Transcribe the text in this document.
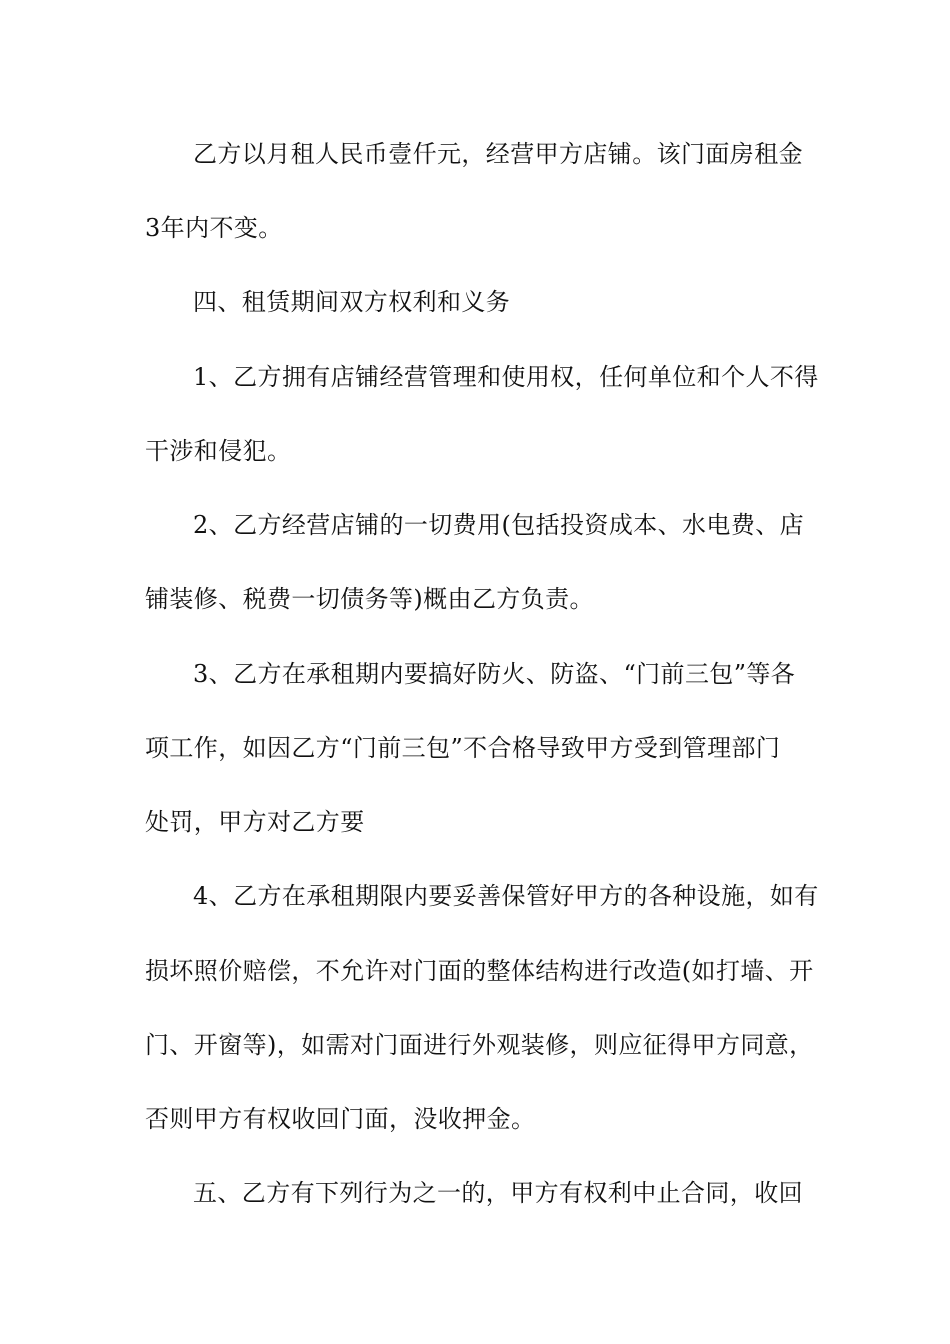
乙方以月租人民币壹仟元，经营甲方店铺。该门面房租金
3年内不变。
四、租赁期间双方权利和义务
1、乙方拥有店铺经营管理和使用权，任何单位和个人不得
干涉和侵犯。
2、乙方经营店铺的一切费用(包括投资成本、水电费、店
铺装修、税费一切债务等)概由乙方负责。
3、乙方在承租期内要搞好防火、防盗、“门前三包”等各
项工作，如因乙方“门前三包”不合格导致甲方受到管理部门
处罚，甲方对乙方要
4、乙方在承租期限内要妥善保管好甲方的各种设施，如有
损坏照价赔偿，不允许对门面的整体结构进行改造(如打墙、开
门、开窗等)，如需对门面进行外观装修，则应征得甲方同意，
否则甲方有权收回门面，没收押金。
五、乙方有下列行为之一的，甲方有权利中止合同，收回
